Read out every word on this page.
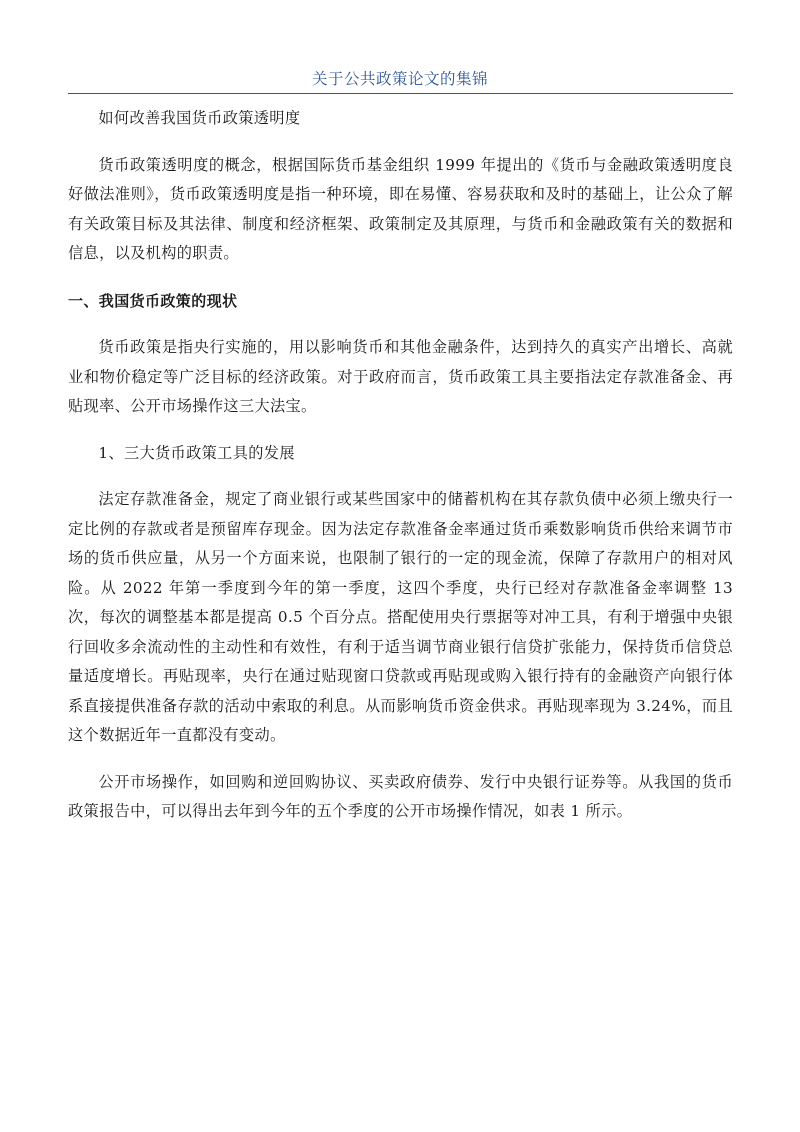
关于公共政策论文的集锦

如何改善我国货币政策透明度

货币政策透明度的概念，根据国际货币基金组织 1999 年提出的《货币与金融政策透明度良好做法准则》，货币政策透明度是指一种环境，即在易懂、容易获取和及时的基础上，让公众了解有关政策目标及其法律、制度和经济框架、政策制定及其原理，与货币和金融政策有关的数据和信息，以及机构的职责。

一、我国货币政策的现状

货币政策是指央行实施的，用以影响货币和其他金融条件，达到持久的真实产出增长、高就业和物价稳定等广泛目标的经济政策。对于政府而言，货币政策工具主要指法定存款准备金、再贴现率、公开市场操作这三大法宝。

1、三大货币政策工具的发展

法定存款准备金，规定了商业银行或某些国家中的储蓄机构在其存款负债中必须上缴央行一定比例的存款或者是预留库存现金。因为法定存款准备金率通过货币乘数影响货币供给来调节市场的货币供应量，从另一个方面来说，也限制了银行的一定的现金流，保障了存款用户的相对风险。从 2022 年第一季度到今年的第一季度，这四个季度，央行已经对存款准备金率调整 13 次，每次的调整基本都是提高 0.5 个百分点。搭配使用央行票据等对冲工具，有利于增强中央银行回收多余流动性的主动性和有效性，有利于适当调节商业银行信贷扩张能力，保持货币信贷总量适度增长。再贴现率，央行在通过贴现窗口贷款或再贴现或购入银行持有的金融资产向银行体系直接提供准备存款的活动中索取的利息。从而影响货币资金供求。再贴现率现为 3.24%，而且这个数据近年一直都没有变动。

公开市场操作，如回购和逆回购协议、买卖政府债券、发行中央银行证券等。从我国的货币政策报告中，可以得出去年到今年的五个季度的公开市场操作情况，如表 1 所示。
